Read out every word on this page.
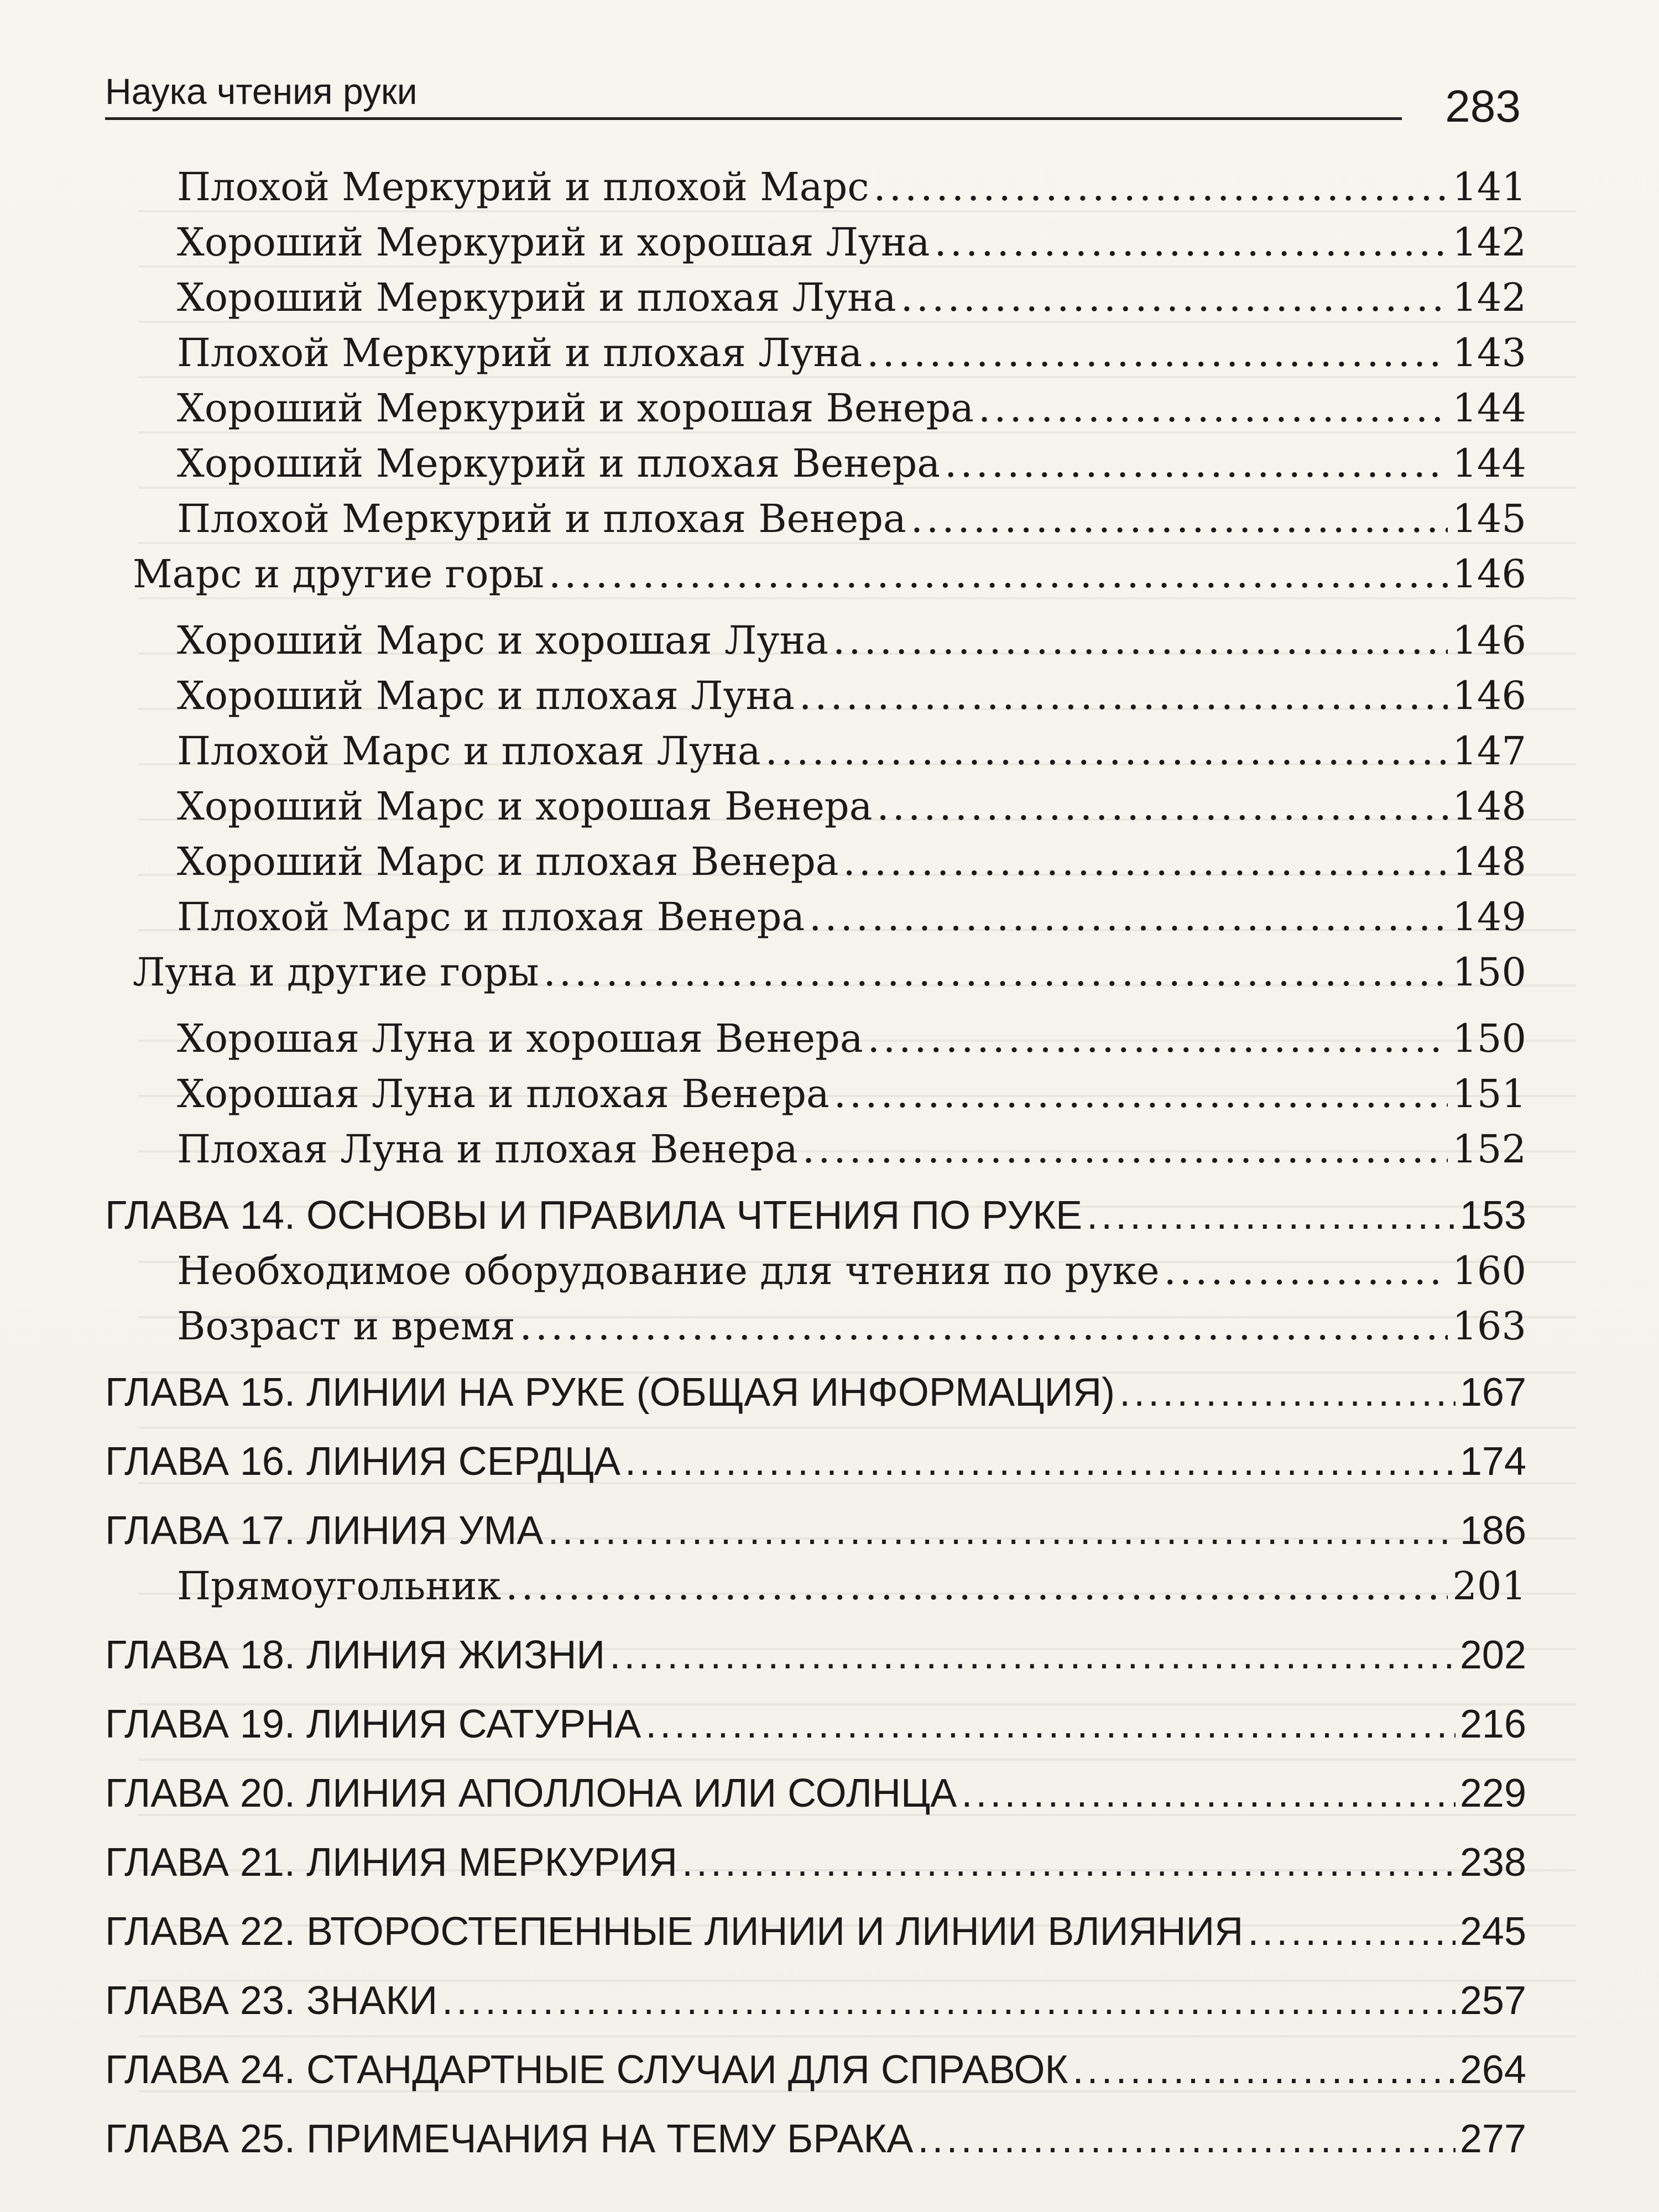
Наука чтения руки	283
Плохой Меркурий и плохой Марс .....	141
Хороший Меркурий и хорошая Луна .....	142
Хороший Меркурий и плохая Луна .....	142
Плохой Меркурий и плохая Луна .....	143
Хороший Меркурий и хорошая Венера .....	144
Хороший Меркурий и плохая Венера .....	144
Плохой Меркурий и плохая Венера .....	145
Марс и другие горы .....	146
Хороший Марс и хорошая Луна .....	146
Хороший Марс и плохая Луна .....	146
Плохой Марс и плохая Луна .....	147
Хороший Марс и хорошая Венера .....	148
Хороший Марс и плохая Венера .....	148
Плохой Марс и плохая Венера .....	149
Луна и другие горы .....	150
Хорошая Луна и хорошая Венера .....	150
Хорошая Луна и плохая Венера .....	151
Плохая Луна и плохая Венера .....	152
ГЛАВА 14. ОСНОВЫ И ПРАВИЛА ЧТЕНИЯ ПО РУКЕ .....	153
Необходимое оборудование для чтения по руке .....	160
Возраст и время .....	163
ГЛАВА 15. ЛИНИИ НА РУКЕ (ОБЩАЯ ИНФОРМАЦИЯ) .....	167
ГЛАВА 16. ЛИНИЯ СЕРДЦА .....	174
ГЛАВА 17. ЛИНИЯ УМА .....	186
Прямоугольник .....	201
ГЛАВА 18. ЛИНИЯ ЖИЗНИ .....	202
ГЛАВА 19. ЛИНИЯ САТУРНА .....	216
ГЛАВА 20. ЛИНИЯ АПОЛЛОНА ИЛИ СОЛНЦА .....	229
ГЛАВА 21. ЛИНИЯ МЕРКУРИЯ .....	238
ГЛАВА 22. ВТОРОСТЕПЕННЫЕ ЛИНИИ И ЛИНИИ ВЛИЯНИЯ .....	245
ГЛАВА 23. ЗНАКИ .....	257
ГЛАВА 24. СТАНДАРТНЫЕ СЛУЧАИ ДЛЯ СПРАВОК .....	264
ГЛАВА 25. ПРИМЕЧАНИЯ НА ТЕМУ БРАКА .....	277
